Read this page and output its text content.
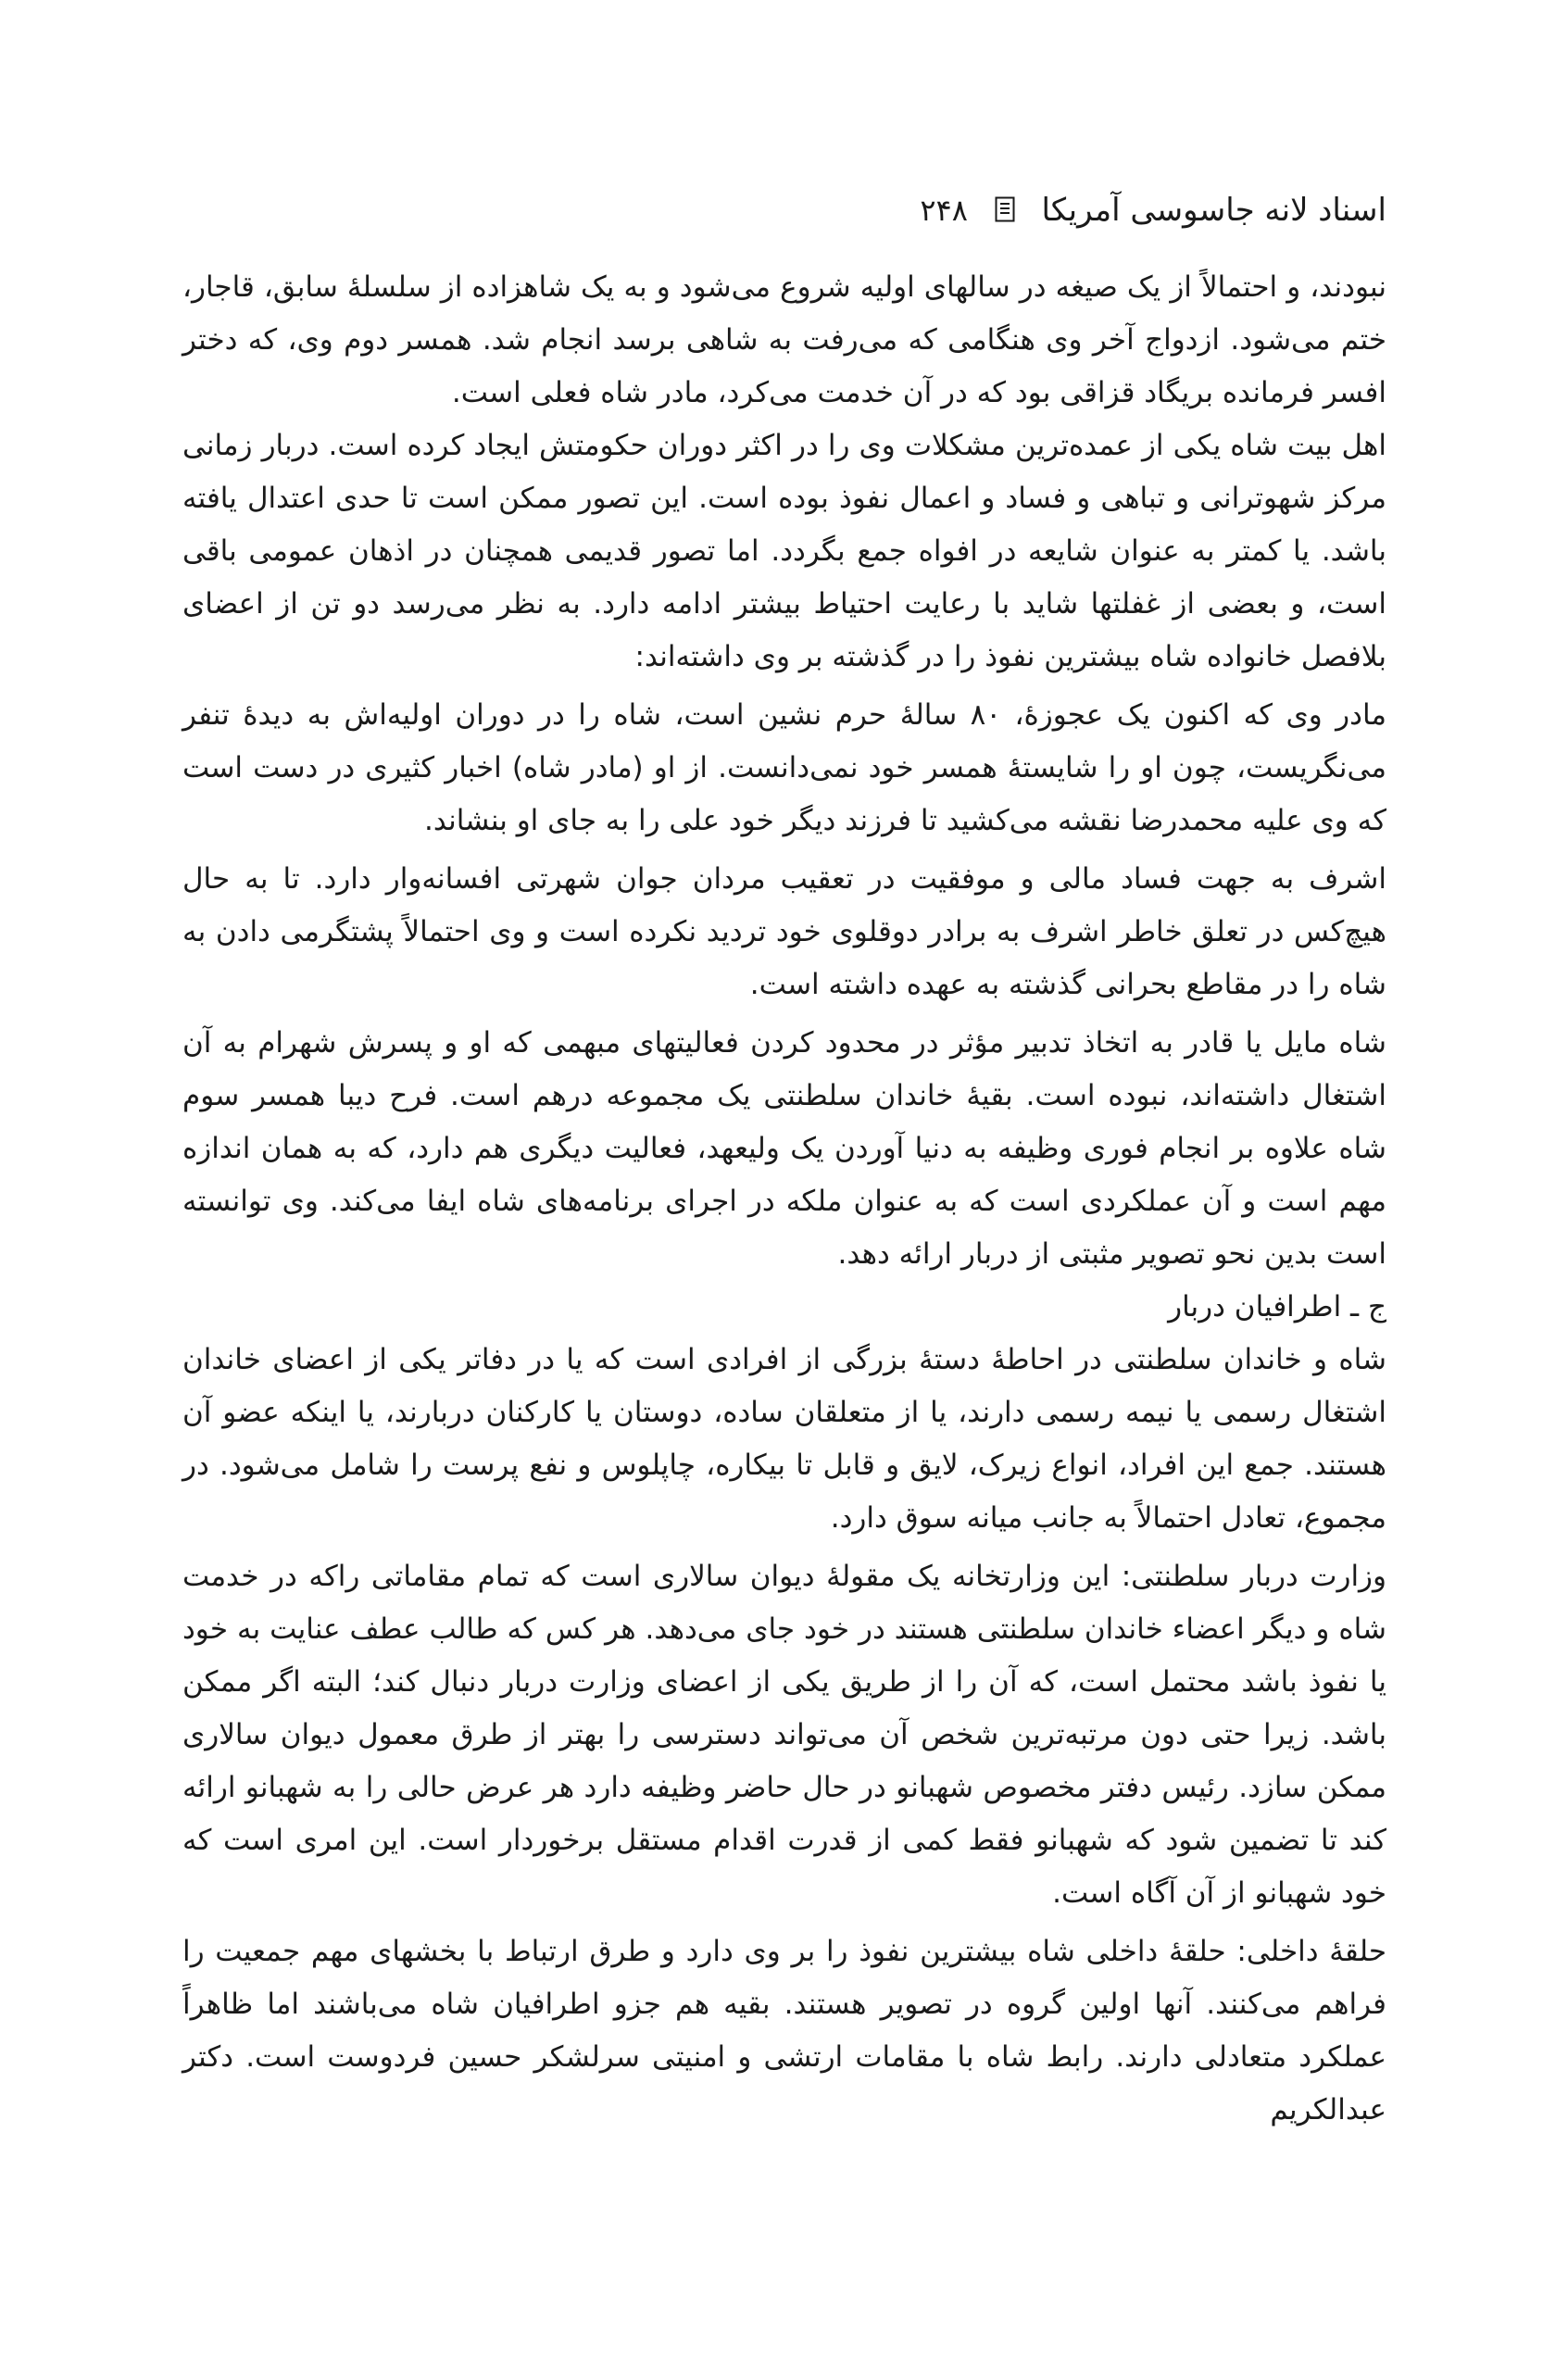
اسناد لانه جاسوسی آمریکا  ۲۴۸

نبودند، و احتمالاً از یک صیغه در سالهای اولیه شروع می‌شود و به یک شاهزاده از سلسلهٔ سابق، قاجار، ختم می‌شود. ازدواج آخر وی هنگامی که می‌رفت به شاهی برسد انجام شد. همسر دوم وی، که دختر افسر فرمانده بریگاد قزاقی بود که در آن خدمت می‌کرد، مادر شاه فعلی است.

اهل بیت شاه یکی از عمده‌ترین مشکلات وی را در اکثر دوران حکومتش ایجاد کرده است. دربار زمانی مرکز شهوترانی و تباهی و فساد و اعمال نفوذ بوده است. این تصور ممکن است تا حدی اعتدال یافته باشد. یا کمتر به عنوان شایعه در افواه جمع بگردد. اما تصور قدیمی همچنان در اذهان عمومی باقی است، و بعضی از غفلتها شاید با رعایت احتیاط بیشتر ادامه دارد. به نظر می‌رسد دو تن از اعضای بلافصل خانواده شاه بیشترین نفوذ را در گذشته بر وی داشته‌اند:

مادر وی که اکنون یک عجوزهٔ، ۸۰ سالهٔ حرم نشین است، شاه را در دوران اولیه‌اش به دیدهٔ تنفر می‌نگریست، چون او را شایستهٔ همسر خود نمی‌دانست. از او (مادر شاه) اخبار کثیری در دست است که وی علیه محمدرضا نقشه می‌کشید تا فرزند دیگر خود علی را به جای او بنشاند.

اشرف به جهت فساد مالی و موفقیت در تعقیب مردان جوان شهرتی افسانه‌وار دارد. تا به حال هیچ‌کس در تعلق خاطر اشرف به برادر دوقلوی خود تردید نکرده است و وی احتمالاً پشتگرمی دادن به شاه را در مقاطع بحرانی گذشته به عهده داشته است.

شاه مایل یا قادر به اتخاذ تدبیر مؤثر در محدود کردن فعالیتهای مبهمی که او و پسرش شهرام به آن اشتغال داشته‌اند، نبوده است. بقیهٔ خاندان سلطنتی یک مجموعه درهم است. فرح دیبا همسر سوم شاه علاوه بر انجام فوری وظیفه به دنیا آوردن یک ولیعهد، فعالیت دیگری هم دارد، که به همان اندازه مهم است و آن عملکردی است که به عنوان ملکه در اجرای برنامه‌های شاه ایفا می‌کند. وی توانسته است بدین نحو تصویر مثبتی از دربار ارائه دهد.

ج ـ اطرافیان دربار

شاه و خاندان سلطنتی در احاطهٔ دستهٔ بزرگی از افرادی است که یا در دفاتر یکی از اعضای خاندان اشتغال رسمی یا نیمه رسمی دارند، یا از متعلقان ساده، دوستان یا کارکنان دربارند، یا اینکه عضو آن هستند. جمع این افراد، انواع زیرک، لایق و قابل تا بیکاره، چاپلوس و نفع پرست را شامل می‌شود. در مجموع، تعادل احتمالاً به جانب میانه سوق دارد.

وزارت دربار سلطنتی: این وزارتخانه یک مقولهٔ دیوان سالاری است که تمام مقاماتی راکه در خدمت شاه و دیگر اعضاء خاندان سلطنتی هستند در خود جای می‌دهد. هر کس که طالب عطف عنایت به خود یا نفوذ باشد محتمل است، که آن را از طریق یکی از اعضای وزارت دربار دنبال کند؛ البته اگر ممکن باشد. زیرا حتی دون مرتبه‌ترین شخص آن می‌تواند دسترسی را بهتر از طرق معمول دیوان سالاری ممکن سازد. رئیس دفتر مخصوص شهبانو در حال حاضر وظیفه دارد هر عرض حالی را به شهبانو ارائه کند تا تضمین شود که شهبانو فقط کمی از قدرت اقدام مستقل برخوردار است. این امری است که خود شهبانو از آن آگاه است.

حلقهٔ داخلی: حلقهٔ داخلی شاه بیشترین نفوذ را بر وی دارد و طرق ارتباط با بخشهای مهم جمعیت را فراهم می‌کنند. آنها اولین گروه در تصویر هستند. بقیه هم جزو اطرافیان شاه می‌باشند اما ظاهراً عملکرد متعادلی دارند. رابط شاه با مقامات ارتشی و امنیتی سرلشکر حسین فردوست است. دکتر عبدالکریم
